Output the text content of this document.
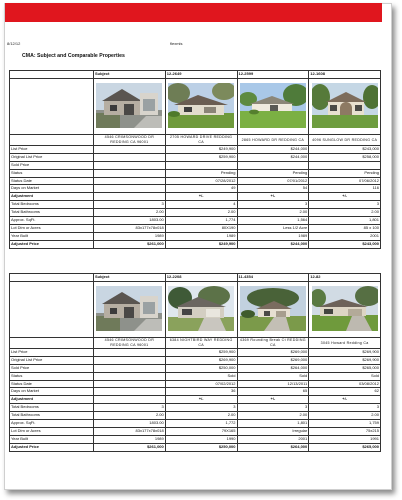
8/12/12	flexmls
CMA: Subject and Comparable Properties
	Subject	12-2649	12-2599	12-1608

	4546 CRIMSONWOOD DR REDDING CA 96001	2705 HOWARD DRIVE REDDING CA	2865 HOWARD DR REDDING CA	4096 SUNGLOW DR REDDING CA
List Price		$249,900	$244,000	$243,000
Original List Price		$259,900	$244,000	$258,000
Sold Price				
Status		Pending	Pending	Pending
Status Date		07/28/2012	07/01/2012	07/06/2012
Days on Market		49	54	116
Adjustment		+/-	+/-	+/-
Total Bedrooms	3	4	3	3
Total Bathrooms	2.00	2.00	2.00	2.00
Approx. SqFt.	1803.00	1,774	1,564	1,801
Lot Dim or Acres	83x177x78x018	80X190	Less 1/2 Acre	85 x 100
Year Built	1989	1989	1989	2001
Adjusted Price	$261,000	$249,900	$244,000	$243,000
	Subject	12-2208	11-4354	12-82

	4546 CRIMSONWOOD DR REDDING CA 96001	6384 NIGHTBIRD WAY REDDING CA	4369 Rounding Break Ct REDDING CA	3045 Howard Redding Ca
List Price		$259,900	$269,000	$269,900
Original List Price		$269,900	$269,000	$269,900
Sold Price		$250,000	$264,000	$265,000
Status		Sold	Sold	Sold
Status Date		07/02/2012	12/13/2011	03/08/2012
Days on Market		36	65	62
Adjustment		+/-	+/-	+/-
Total Bedrooms	3	3	3	3
Total Bathrooms	2.00	2.00	2.00	2.00
Approx. SqFt.	1803.00	1,772	1,801	1,759
Lot Dim or Acres	83x177x78x018	79X165	Irregular	75x215
Year Built	1989	1990	2001	1991
Adjusted Price	$261,000	$250,000	$264,000	$265,000
